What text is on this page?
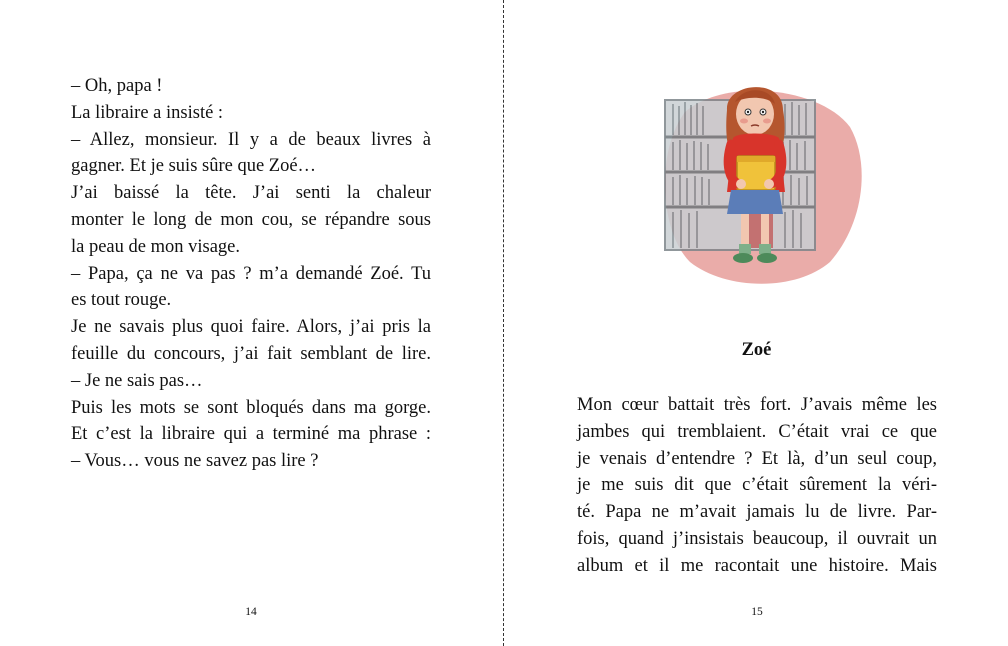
– Oh, papa !
La libraire a insisté :
– Allez, monsieur. Il y a de beaux livres à
gagner. Et je suis sûre que Zoé…
J’ai baissé la tête. J’ai senti la chaleur
monter le long de mon cou, se répandre sous
la peau de mon visage.
– Papa, ça ne va pas ? m’a demandé Zoé. Tu
es tout rouge.
Je ne savais plus quoi faire. Alors, j’ai pris la
feuille du concours, j’ai fait semblant de lire.
– Je ne sais pas…
Puis les mots se sont bloqués dans ma gorge.
Et c’est la libraire qui a terminé ma phrase :
– Vous… vous ne savez pas lire ?
14
Zoé
Mon cœur battait très fort. J’avais même les
jambes qui tremblaient. C’était vrai ce que
je venais d’entendre ? Et là, d’un seul coup,
je me suis dit que c’était sûrement la véri-
té. Papa ne m’avait jamais lu de livre. Par-
fois, quand j’insistais beaucoup, il ouvrait un
album et il me racontait une histoire. Mais
15
